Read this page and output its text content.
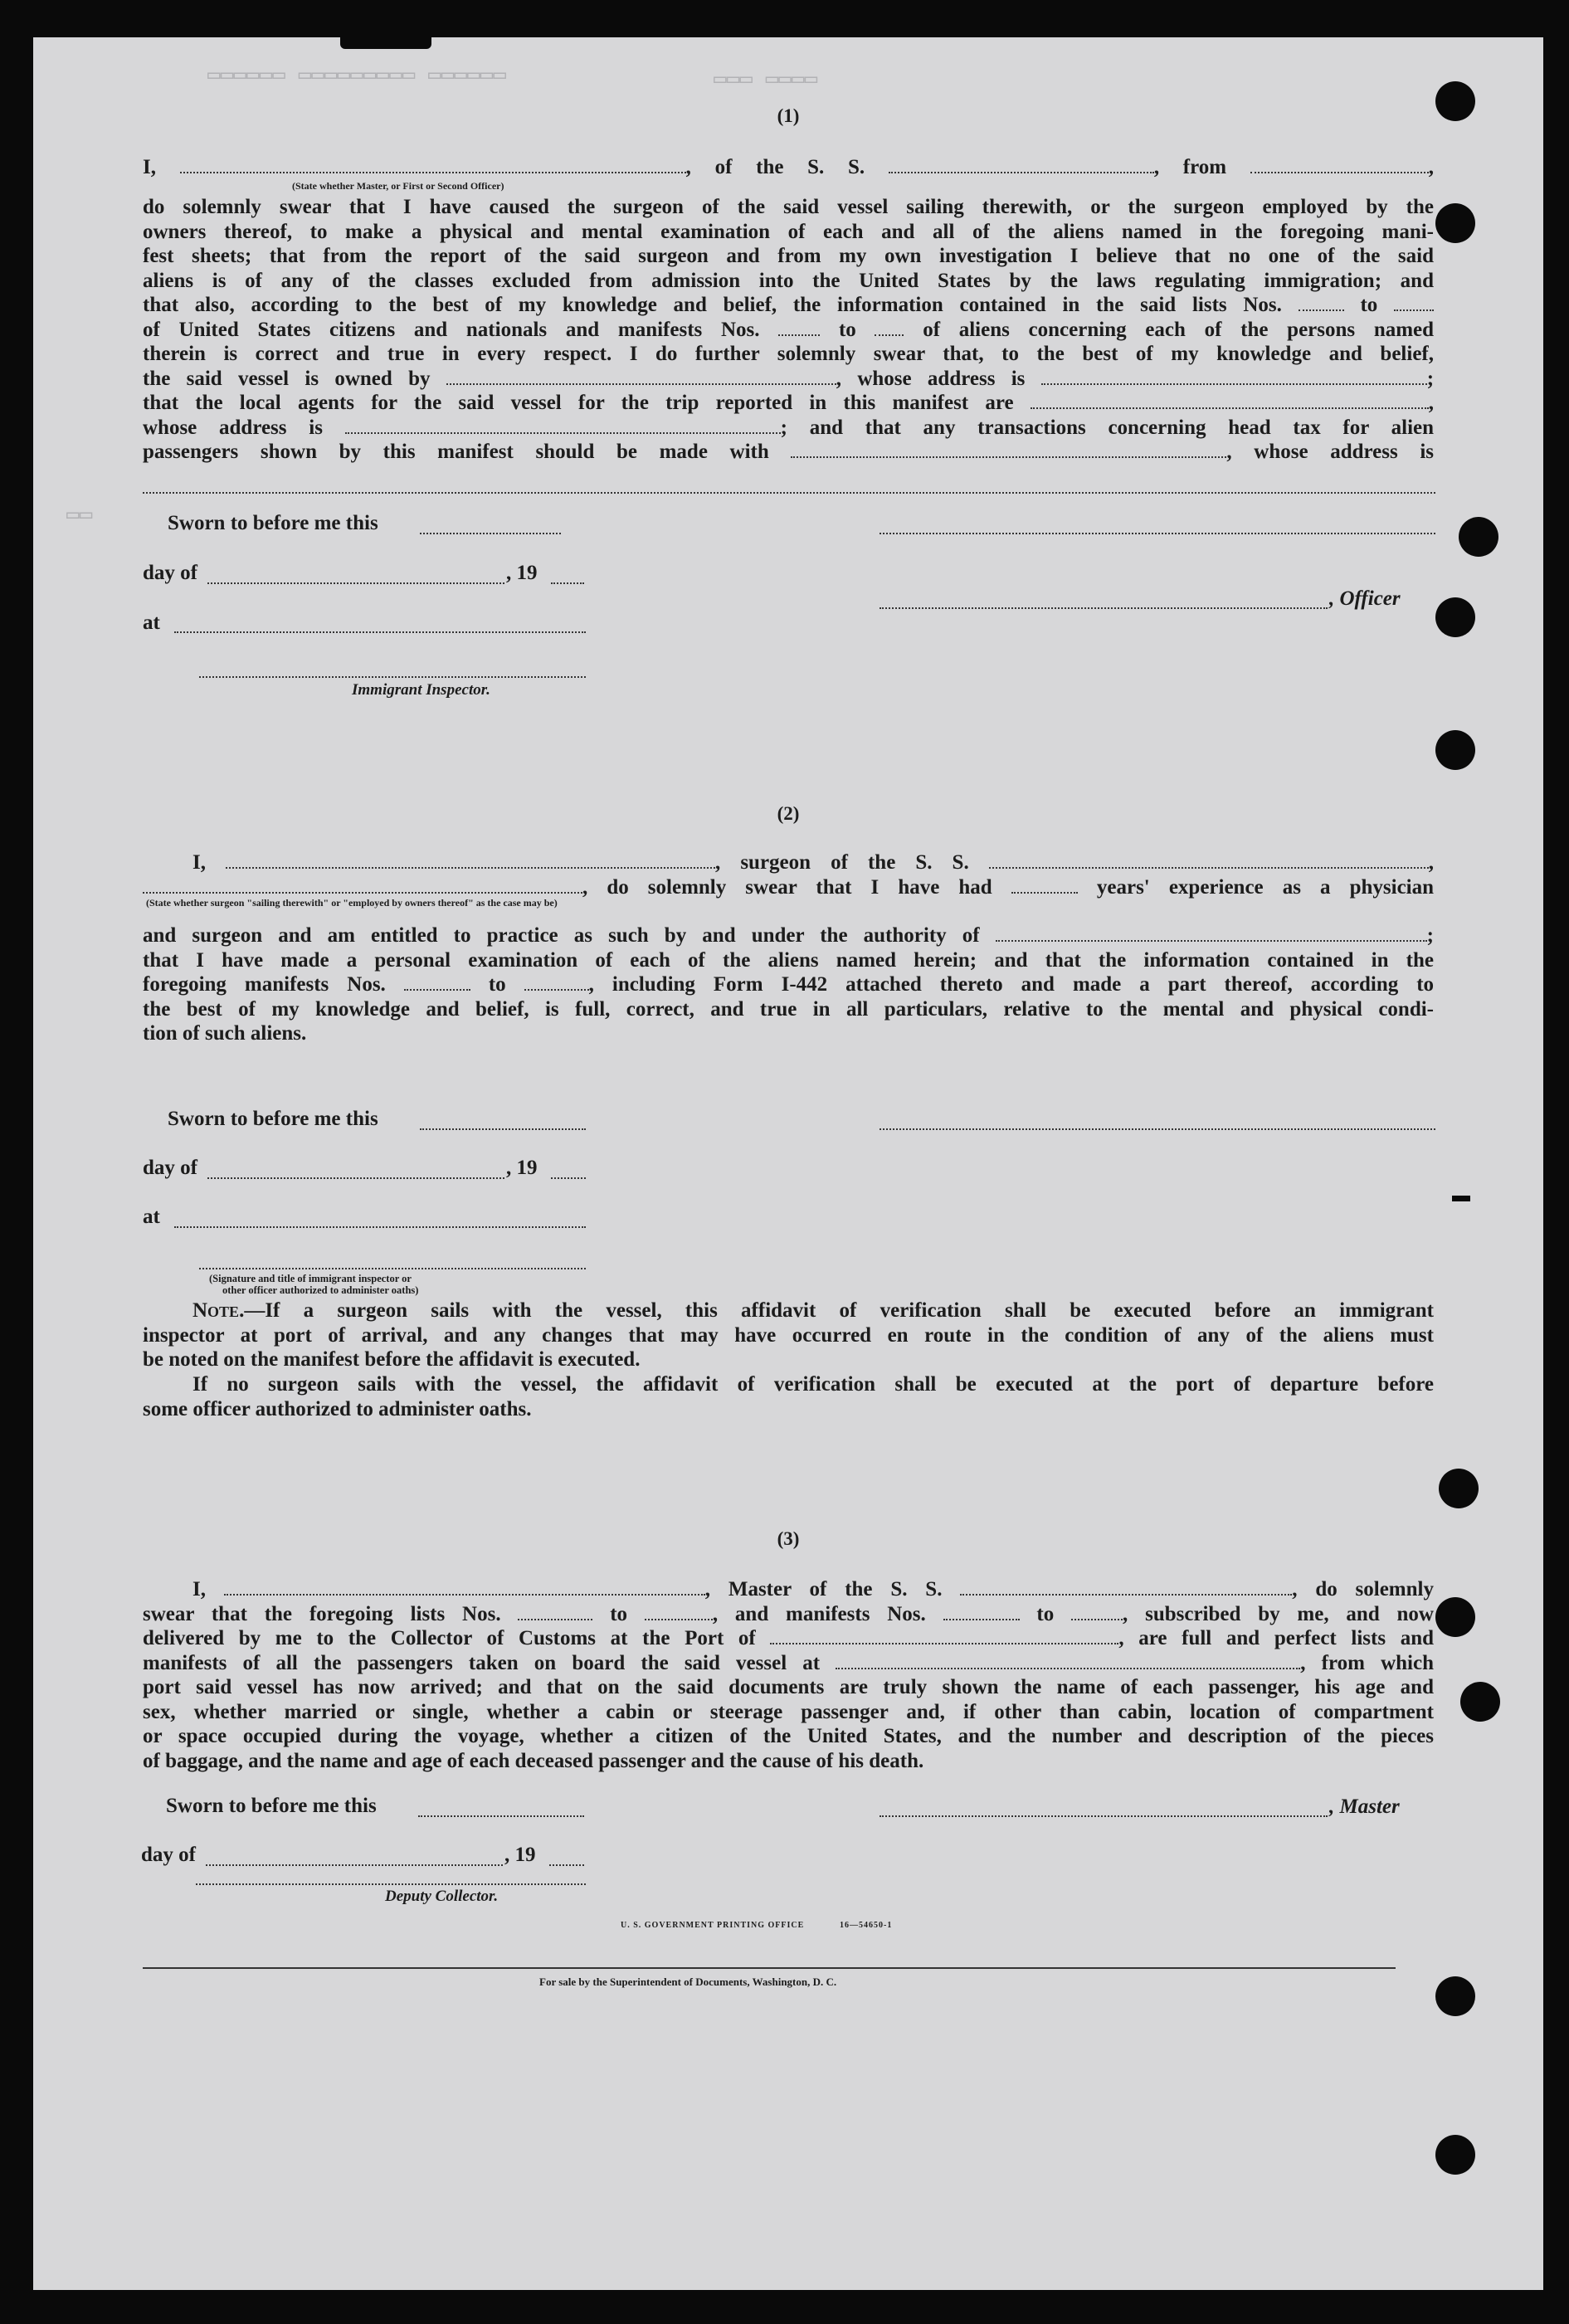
▭▭▭▭▭▭ ▭▭▭▭▭▭▭▭▭ ▭▭▭▭▭▭	▭▭▭▭ ▭▭▭
▭▭
(1)
I,	, of the S. S.	, from	,
(State whether Master, or First or Second Officer)
do solemnly swear that I have caused the surgeon of the said vessel sailing therewith, or the surgeon employed by the
owners thereof, to make a physical and mental examination of each and all of the aliens named in the foregoing mani-
fest sheets; that from the report of the said surgeon and from my own investigation I believe that no one of the said
aliens is of any of the classes excluded from admission into the United States by the laws regulating immigration; and
that also, according to the best of my knowledge and belief, the information contained in the said lists Nos.	to
of United States citizens and nationals and manifests Nos.	to	of aliens concerning each of the persons named
therein is correct and true in every respect. I do further solemnly swear that, to the best of my knowledge and belief,
the said vessel is owned by	, whose address is	;
that the local agents for the said vessel for the trip reported in this manifest are	,
whose address is	; and that any transactions concerning head tax for alien
passengers shown by this manifest should be made with	, whose address is
Sworn to before me this
day of	, 19
, Officer
at
Immigrant Inspector.
(2)
I,	, surgeon of the S. S.	,
, do solemnly swear that I have had	years' experience as a physician
(State whether surgeon "sailing therewith" or "employed by owners thereof" as the case may be)
and surgeon and am entitled to practice as such by and under the authority of	;
that I have made a personal examination of each of the aliens named herein; and that the information contained in the
foregoing manifests Nos.	to	, including Form I-442 attached thereto and made a part thereof, according to
the best of my knowledge and belief, is full, correct, and true in all particulars, relative to the mental and physical condi-
tion of such aliens.
Sworn to before me this
day of	, 19
at
(Signature and title of immigrant inspector or
other officer authorized to administer oaths)
Note.—If a surgeon sails with the vessel, this affidavit of verification shall be executed before an immigrant
inspector at port of arrival, and any changes that may have occurred en route in the condition of any of the aliens must
be noted on the manifest before the affidavit is executed.
If no surgeon sails with the vessel, the affidavit of verification shall be executed at the port of departure before
some officer authorized to administer oaths.
(3)
I,	, Master of the S. S.	, do solemnly
swear that the foregoing lists Nos.	to	, and manifests Nos.	to	, subscribed by me, and now
delivered by me to the Collector of Customs at the Port of	, are full and perfect lists and
manifests of all the passengers taken on board the said vessel at	, from which
port said vessel has now arrived; and that on the said documents are truly shown the name of each passenger, his age and
sex, whether married or single, whether a cabin or steerage passenger and, if other than cabin, location of compartment
or space occupied during the voyage, whether a citizen of the United States, and the number and description of the pieces
of baggage, and the name and age of each deceased passenger and the cause of his death.
Sworn to before me this	, Master
day of	, 19
Deputy Collector.
U. S. GOVERNMENT PRINTING OFFICE	16—54650-1
For sale by the Superintendent of Documents, Washington, D. C.
